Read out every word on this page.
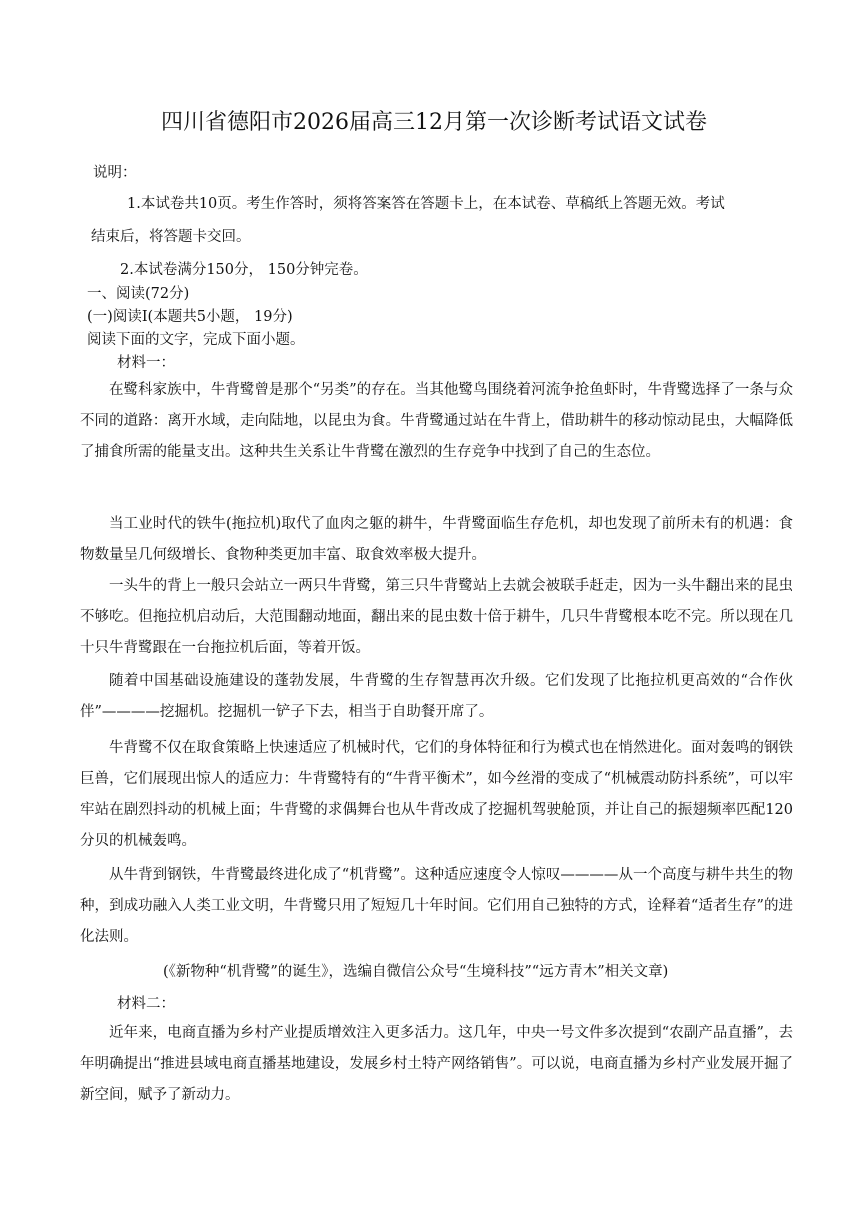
四川省德阳市2026届高三12月第一次诊断考试语文试卷
说明：
1.本试卷共10页。考生作答时，须将答案答在答题卡上，在本试卷、草稿纸上答题无效。考试
结束后，将答题卡交回。
2.本试卷满分150分， 150分钟完卷。
一、阅读(72分)
(一)阅读Ⅰ(本题共5小题， 19分)
阅读下面的文字，完成下面小题。
材料一：

在鹭科家族中，牛背鹭曾是那个“另类”的存在。当其他鹭鸟围绕着河流争抢鱼虾时，牛背鹭选择了一条与众不同的道路：离开水域，走向陆地，以昆虫为食。牛背鹭通过站在牛背上，借助耕牛的移动惊动昆虫，大幅降低了捕食所需的能量支出。这种共生关系让牛背鹭在激烈的生存竞争中找到了自己的生态位。

当工业时代的铁牛(拖拉机)取代了血肉之躯的耕牛，牛背鹭面临生存危机，却也发现了前所未有的机遇：食物数量呈几何级增长、食物种类更加丰富、取食效率极大提升。

一头牛的背上一般只会站立一两只牛背鹭，第三只牛背鹭站上去就会被联手赶走，因为一头牛翻出来的昆虫不够吃。但拖拉机启动后，大范围翻动地面，翻出来的昆虫数十倍于耕牛，几只牛背鹭根本吃不完。所以现在几十只牛背鹭跟在一台拖拉机后面，等着开饭。

随着中国基础设施建设的蓬勃发展，牛背鹭的生存智慧再次升级。它们发现了比拖拉机更高效的“合作伙伴”————挖掘机。挖掘机一铲子下去，相当于自助餐开席了。

牛背鹭不仅在取食策略上快速适应了机械时代，它们的身体特征和行为模式也在悄然进化。面对轰鸣的钢铁巨兽，它们展现出惊人的适应力：牛背鹭特有的“牛背平衡术”，如今丝滑的变成了“机械震动防抖系统”，可以牢牢站在剧烈抖动的机械上面；牛背鹭的求偶舞台也从牛背改成了挖掘机驾驶舱顶，并让自己的振翅频率匹配120分贝的机械轰鸣。

从牛背到钢铁，牛背鹭最终进化成了“机背鹭”。这种适应速度令人惊叹————从一个高度与耕牛共生的物种，到成功融入人类工业文明，牛背鹭只用了短短几十年时间。它们用自己独特的方式，诠释着“适者生存”的进化法则。

(《新物种“机背鹭”的诞生》，选编自微信公众号“生境科技”“远方青木”相关文章)
材料二：

近年来，电商直播为乡村产业提质增效注入更多活力。这几年，中央一号文件多次提到“农副产品直播”，去年明确提出“推进县域电商直播基地建设，发展乡村土特产网络销售”。可以说，电商直播为乡村产业发展开掘了新空间，赋予了新动力。
